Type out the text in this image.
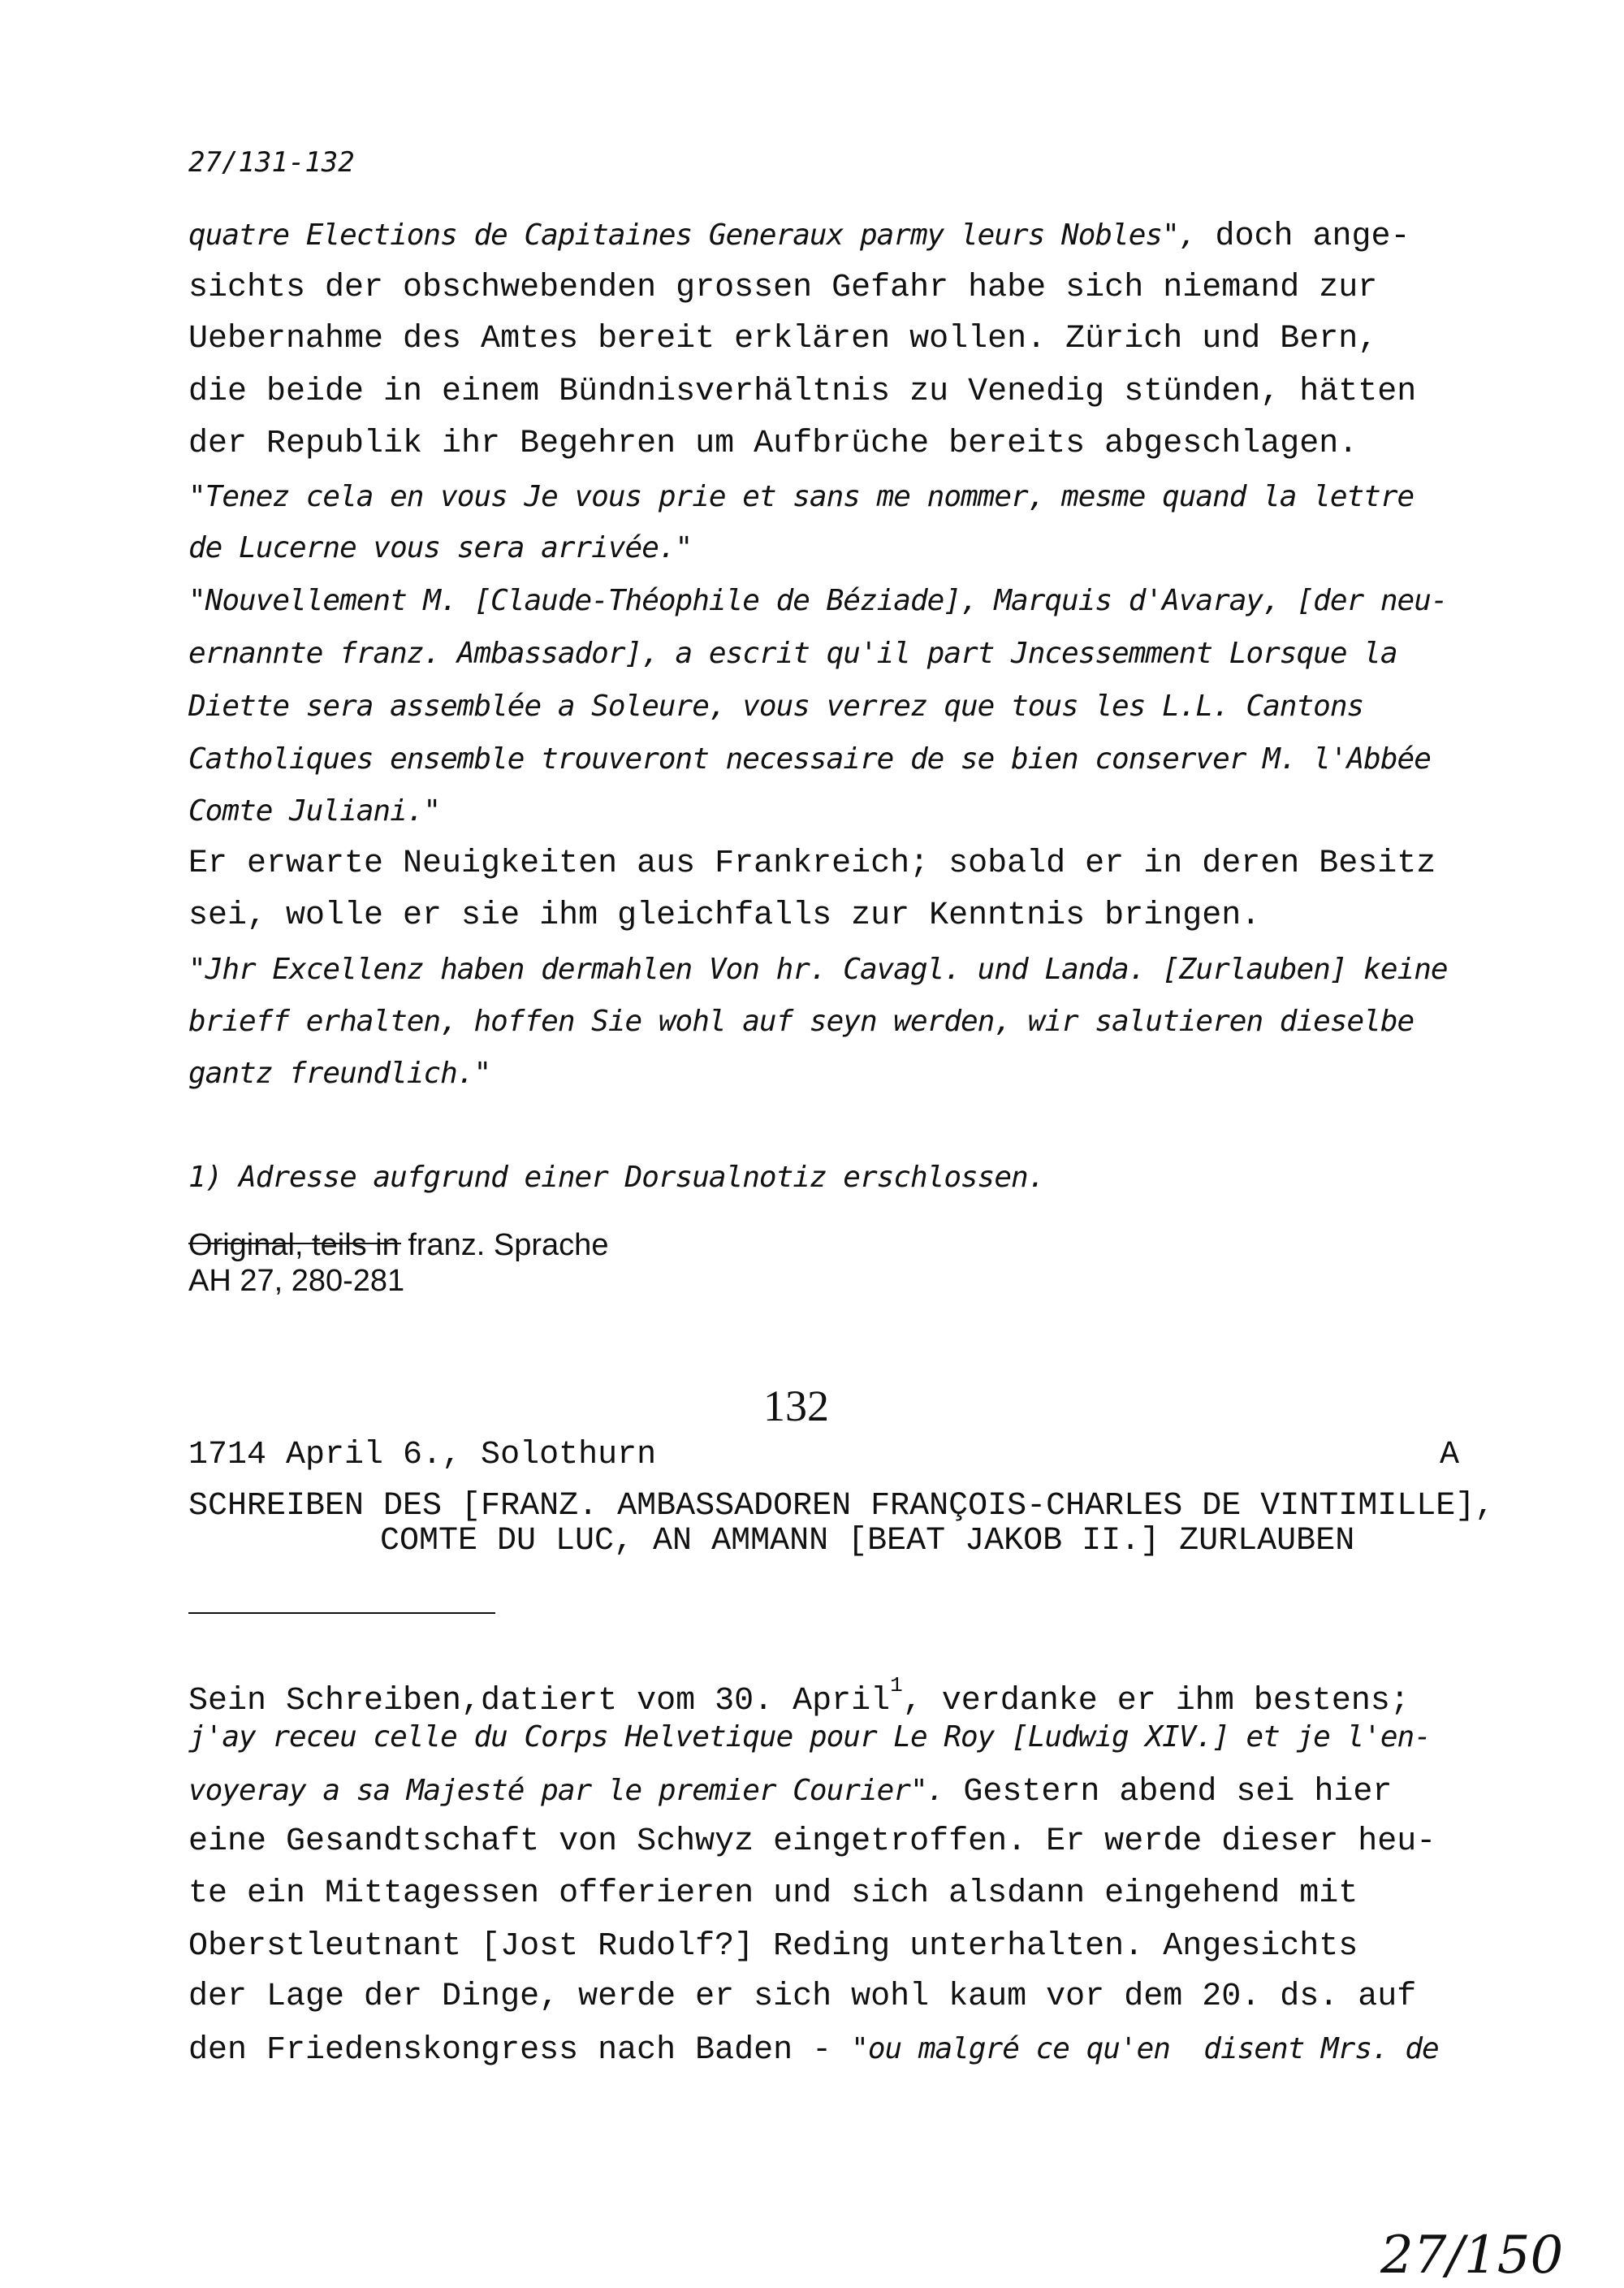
27/131-132
quatre Elections de Capitaines Generaux parmy leurs Nobles", doch ange-
sichts der obschwebenden grossen Gefahr habe sich niemand zur
Uebernahme des Amtes bereit erklären wollen. Zürich und Bern,
die beide in einem Bündnisverhältnis zu Venedig stünden, hätten
der Republik ihr Begehren um Aufbrüche bereits abgeschlagen.
"Tenez cela en vous Je vous prie et sans me nommer, mesme quand la lettre
de Lucerne vous sera arrivée."
"Nouvellement M. [Claude-Théophile de Béziade], Marquis d'Avaray, [der neu-
ernannte franz. Ambassador], a escrit qu'il part Jncessemment Lorsque la
Diette sera assemblée a Soleure, vous verrez que tous les L.L. Cantons
Catholiques ensemble trouveront necessaire de se bien conserver M. l'Abbée
Comte Juliani."
Er erwarte Neuigkeiten aus Frankreich; sobald er in deren Besitz
sei, wolle er sie ihm gleichfalls zur Kenntnis bringen.
"Jhr Excellenz haben dermahlen Von hr. Cavagl. und Landa. [Zurlauben] keine
brieff erhalten, hoffen Sie wohl auf seyn werden, wir salutieren dieselbe
gantz freundlich."
1) Adresse aufgrund einer Dorsualnotiz erschlossen.
Original, teils in franz. Sprache
AH 27, 280-281
132
1714 April 6., Solothurn	A
SCHREIBEN DES [FRANZ. AMBASSADOREN FRANÇOIS-CHARLES DE VINTIMILLE],
COMTE DU LUC, AN AMMANN [BEAT JAKOB II.] ZURLAUBEN
Sein Schreiben,datiert vom 30. April$^1$, verdanke er ihm bestens;
j'ay receu celle du Corps Helvetique pour Le Roy [Ludwig XIV.] et je l'en-
voyeray a sa Majesté par le premier Courier". Gestern abend sei hier
eine Gesandtschaft von Schwyz eingetroffen. Er werde dieser heu-
te ein Mittagessen offerieren und sich alsdann eingehend mit
Oberstleutnant [Jost Rudolf?] Reding unterhalten. Angesichts
der Lage der Dinge, werde er sich wohl kaum vor dem 20. ds. auf
den Friedenskongress nach Baden - "ou malgré ce qu'en  disent Mrs. de
27/150
